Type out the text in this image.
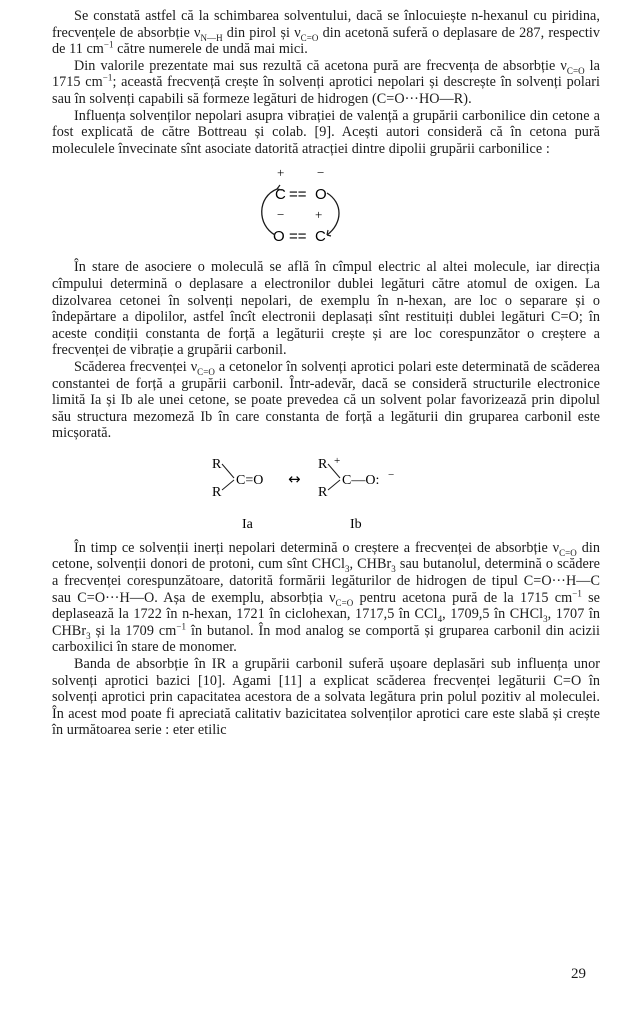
Se constată astfel că la schimbarea solventului, dacă se înlocuiește n-hexanul cu piridina, frecvențele de absorbție $\nu_{N—H}$ din pirol și $\nu_{C=O}$ din acetonă suferă o deplasare de 287, respectiv de 11 $cm^{-1}$ către numerele de undă mai mici.

Din valorile prezentate mai sus rezultă că acetona pură are frecvența de absorbție $\nu_{C=O}$ la 1715 $cm^{-1}$; această frecvență crește în solvenți aprotici nepolari și descrește în solvenți polari sau în solvenți capabili să formeze legături de hidrogen (C=O···HO—R).

Influența solvenților nepolari asupra vibrației de valență a grupării carbonilice din cetone a fost explicată de către Bottreau și colab. [9]. Acești autori consideră că în cetona pură moleculele învecinate sînt asociate datorită atracției dintre dipolii grupării carbonilice :

+	−
C == O
− +
O == C

În stare de asociere o moleculă se află în cîmpul electric al altei molecule, iar direcția cîmpului determină o deplasare a electronilor dublei legături către atomul de oxigen. La dizolvarea cetonei în solvenți nepolari, de exemplu în n-hexan, are loc o separare și o îndepărtare a dipolilor, astfel încît electronii deplasați sînt restituiți dublei legături C=O; în aceste condiții constanta de forță a legăturii crește și are loc corespunzător o creștere a frecvenței de vibrație a grupării carbonil.

Scăderea frecvenței $\nu_{C=O}$ a cetonelor în solvenți aprotici polari este determinată de scăderea constantei de forță a grupării carbonil. Într-adevăr, dacă se consideră structurile electronice limită Ia și Ib ale unei cetone, se poate prevedea că un solvent polar favorizează prin dipolul său structura mezomeză Ib în care constanta de forță a legăturii din gruparea carbonil este micșorată.

R
R
C=O ↔
R
R
+
C—O: −
Ia	Ib

În timp ce solvenții inerți nepolari determină o creștere a frecvenței de absorbție $\nu_{C=O}$ din cetone, solvenții donori de protoni, cum sînt CHCl$_3$, CHBr$_3$ sau butanolul, determină o scădere a frecvenței corespunzătoare, datorită formării legăturilor de hidrogen de tipul C=O···H—C sau C=O···H—O. Așa de exemplu, absorbția $\nu_{C=O}$ pentru acetona pură de la 1715 $cm^{-1}$ se deplasează la 1722 în n-hexan, 1721 în ciclohexan, 1717,5 în CCl$_4$, 1709,5 în CHCl$_3$, 1707 în CHBr$_3$ și la 1709 $cm^{-1}$ în butanol. În mod analog se comportă și gruparea carbonil din acizii carboxilici în stare de monomer.

Banda de absorbție în IR a grupării carbonil suferă ușoare deplasări sub influența unor solvenți aprotici bazici [10]. Agami [11] a explicat scăderea frecvenței legăturii C=O în solvenți aprotici prin capacitatea acestora de a solvata legătura prin polul pozitiv al moleculei. În acest mod poate fi apreciată calitativ bazicitatea solvenților aprotici care este slabă și crește în următoarea serie : eter etilic

29
